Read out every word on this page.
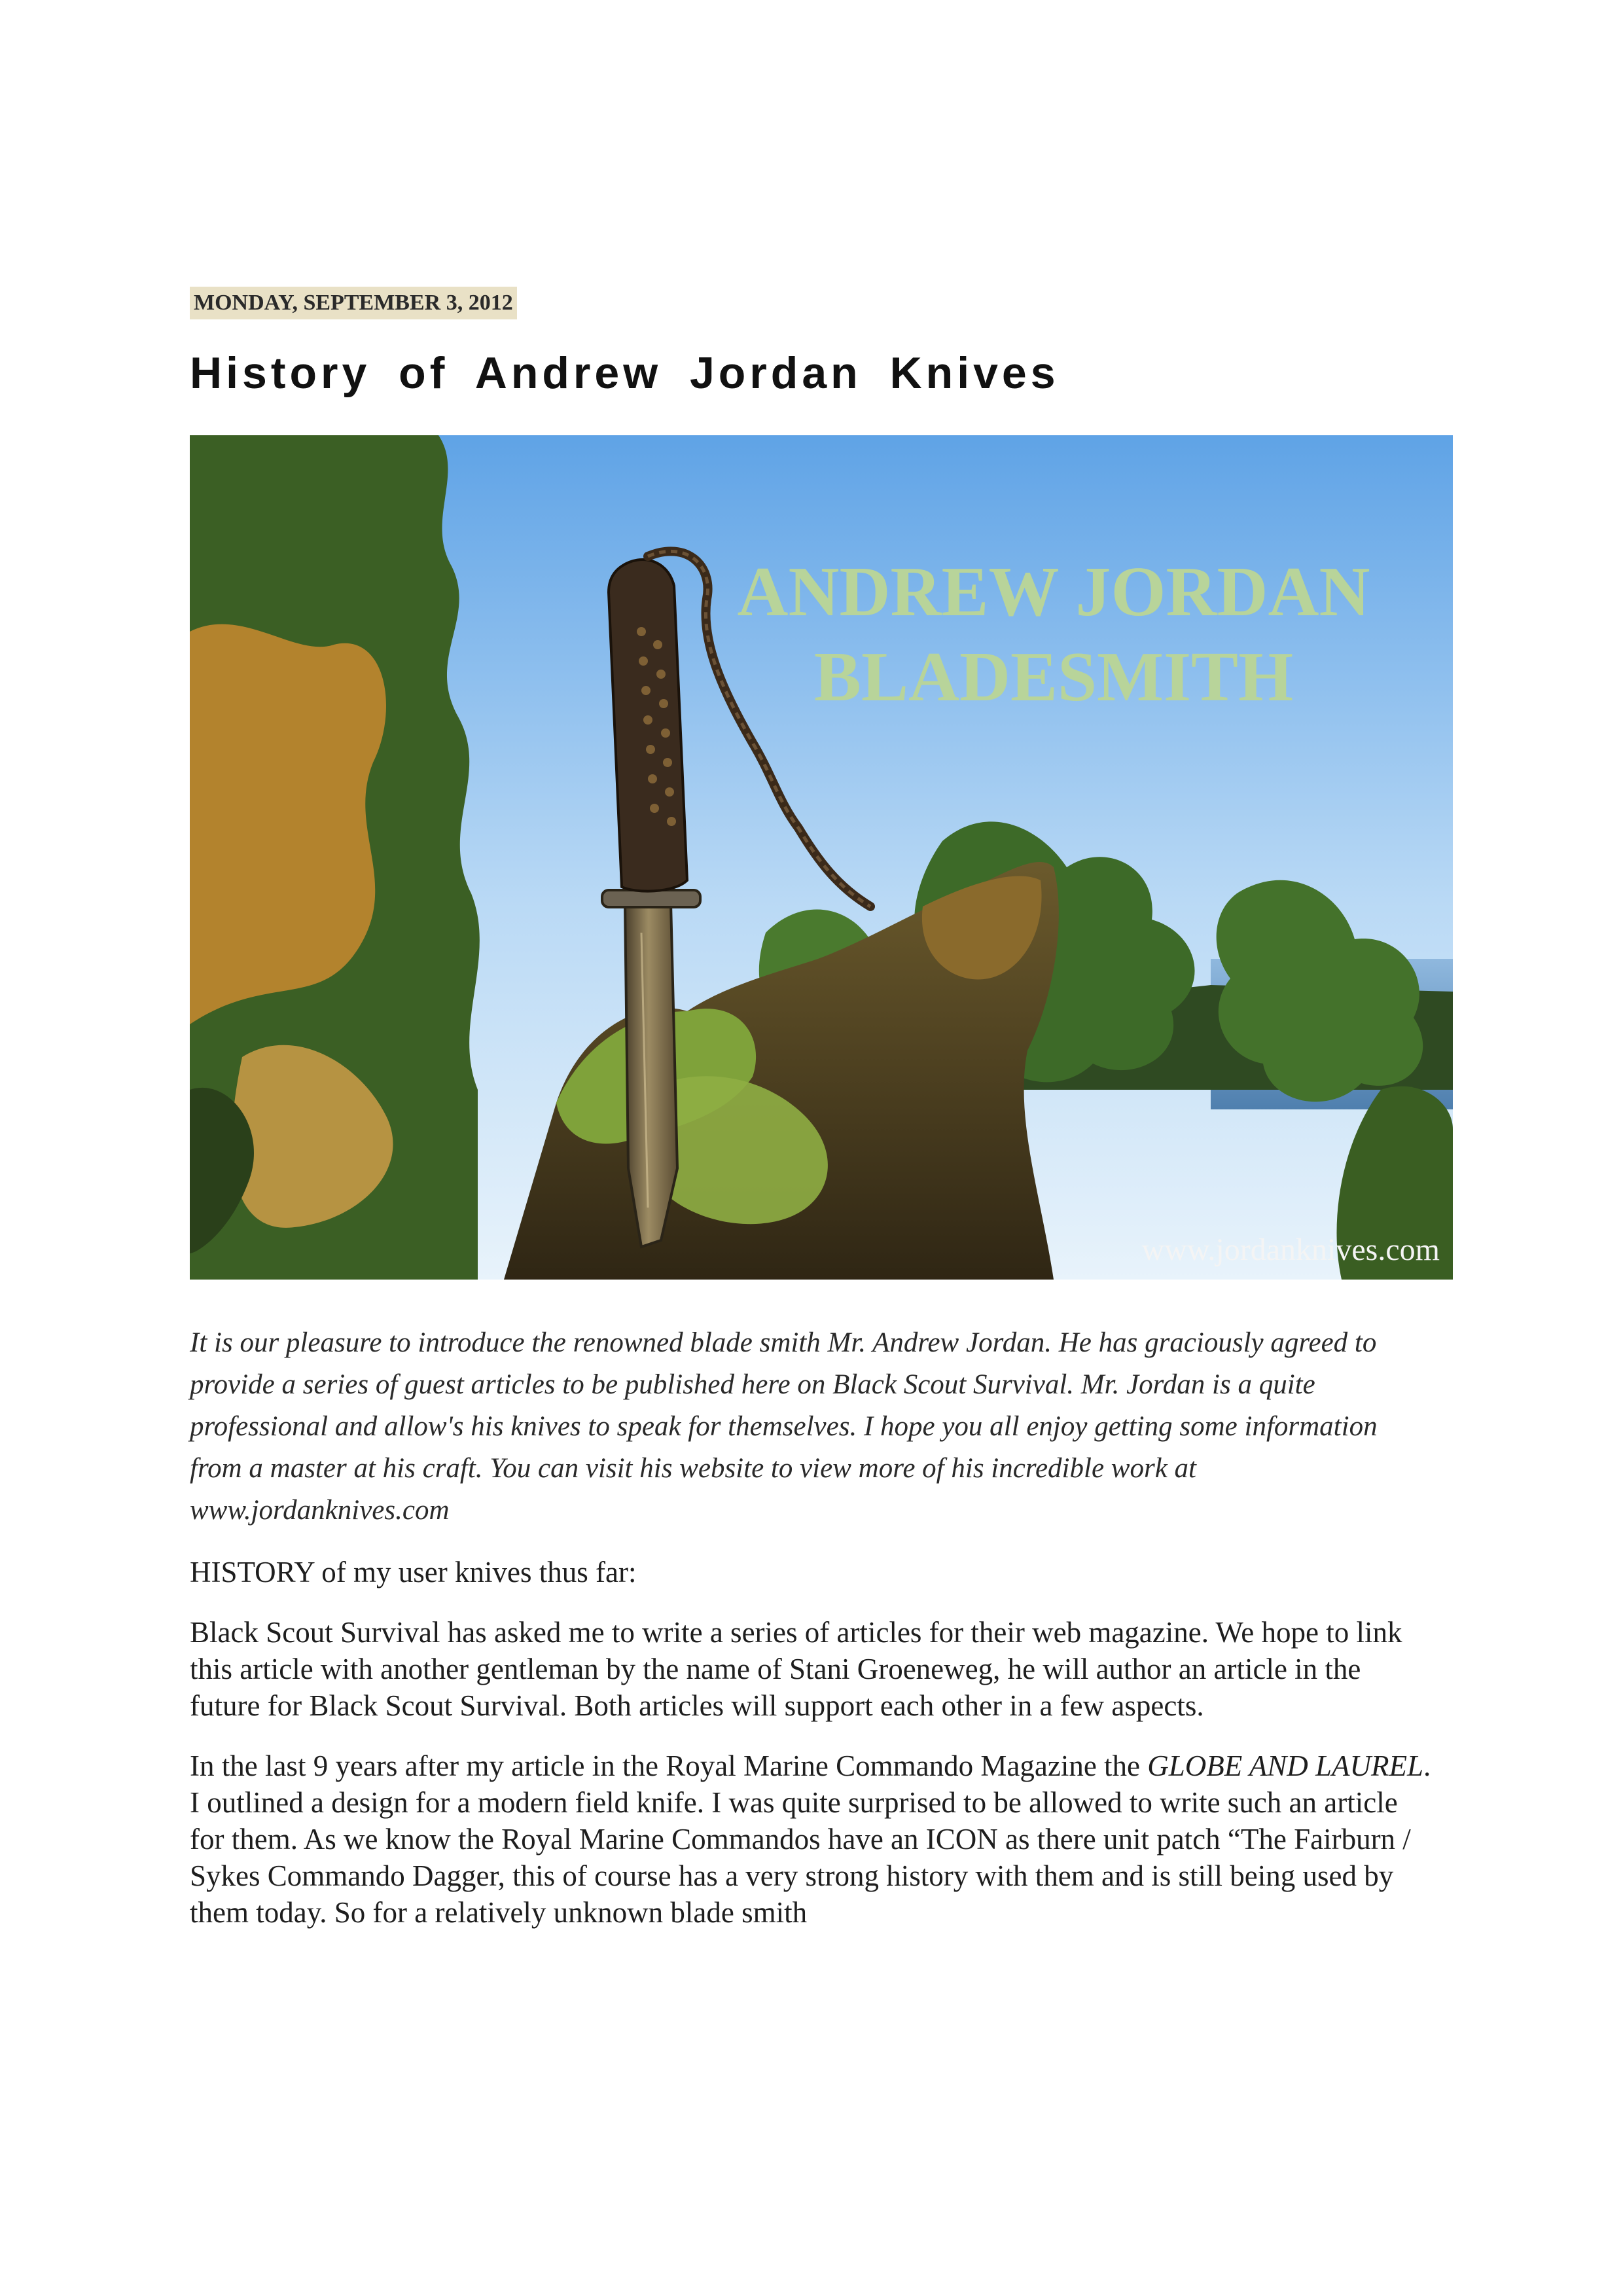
MONDAY, SEPTEMBER 3, 2012
History of Andrew Jordan Knives
ANDREW JORDAN
BLADESMITH
www.jordanknives.com

It is our pleasure to introduce the renowned blade smith Mr. Andrew Jordan. He has graciously agreed to provide a series of guest articles to be published here on Black Scout Survival. Mr. Jordan is a quite professional and allow's his knives to speak for themselves. I hope you all enjoy getting some information from a master at his craft. You can visit his website to view more of his incredible work at www.jordanknives.com

HISTORY of my user knives thus far:

Black Scout Survival has asked me to write a series of articles for their web magazine. We hope to link this article with another gentleman by the name of Stani Groeneweg, he will author an article in the future for Black Scout Survival. Both articles will support each other in a few aspects.

In the last 9 years after my article in the Royal Marine Commando Magazine the GLOBE AND LAUREL. I outlined a design for a modern field knife. I was quite surprised to be allowed to write such an article for them. As we know the Royal Marine Commandos have an ICON as there unit patch “The Fairburn / Sykes Commando Dagger, this of course has a very strong history with them and is still being used by them today. So for a relatively unknown blade smith
